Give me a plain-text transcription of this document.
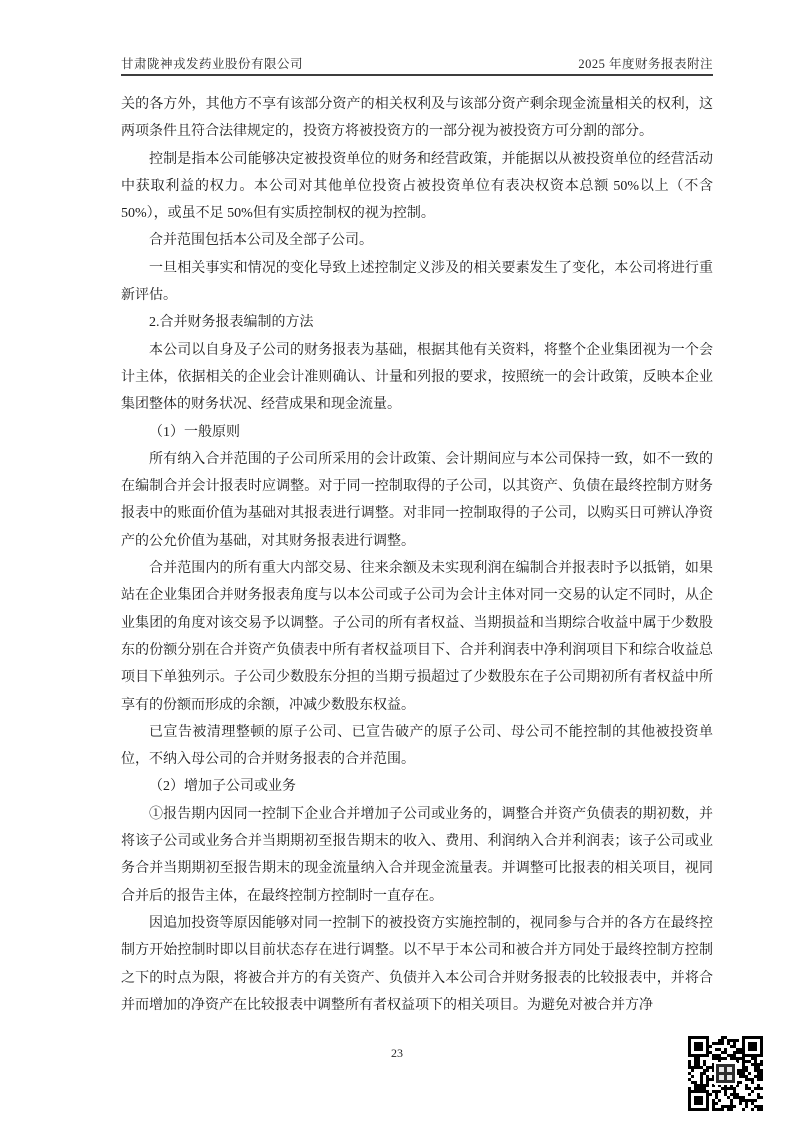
甘肃陇神戎发药业股份有限公司	2025 年度财务报表附注

关的各方外，其他方不享有该部分资产的相关权利及与该部分资产剩余现金流量相关的权利，这两项条件且符合法律规定的，投资方将被投资方的一部分视为被投资方可分割的部分。

控制是指本公司能够决定被投资单位的财务和经营政策，并能据以从被投资单位的经营活动中获取利益的权力。本公司对其他单位投资占被投资单位有表决权资本总额 50%以上（不含 50%），或虽不足 50%但有实质控制权的视为控制。

合并范围包括本公司及全部子公司。

一旦相关事实和情况的变化导致上述控制定义涉及的相关要素发生了变化，本公司将进行重新评估。

2.合并财务报表编制的方法

本公司以自身及子公司的财务报表为基础，根据其他有关资料，将整个企业集团视为一个会计主体，依据相关的企业会计准则确认、计量和列报的要求，按照统一的会计政策，反映本企业集团整体的财务状况、经营成果和现金流量。

（1）一般原则

所有纳入合并范围的子公司所采用的会计政策、会计期间应与本公司保持一致，如不一致的在编制合并会计报表时应调整。对于同一控制取得的子公司，以其资产、负债在最终控制方财务报表中的账面价值为基础对其报表进行调整。对非同一控制取得的子公司，以购买日可辨认净资产的公允价值为基础，对其财务报表进行调整。

合并范围内的所有重大内部交易、往来余额及未实现利润在编制合并报表时予以抵销，如果站在企业集团合并财务报表角度与以本公司或子公司为会计主体对同一交易的认定不同时，从企业集团的角度对该交易予以调整。子公司的所有者权益、当期损益和当期综合收益中属于少数股东的份额分别在合并资产负债表中所有者权益项目下、合并利润表中净利润项目下和综合收益总项目下单独列示。子公司少数股东分担的当期亏损超过了少数股东在子公司期初所有者权益中所享有的份额而形成的余额，冲减少数股东权益。

已宣告被清理整顿的原子公司、已宣告破产的原子公司、母公司不能控制的其他被投资单位，不纳入母公司的合并财务报表的合并范围。

（2）增加子公司或业务

①报告期内因同一控制下企业合并增加子公司或业务的，调整合并资产负债表的期初数，并将该子公司或业务合并当期期初至报告期末的收入、费用、利润纳入合并利润表；该子公司或业务合并当期期初至报告期末的现金流量纳入合并现金流量表。并调整可比报表的相关项目，视同合并后的报告主体，在最终控制方控制时一直存在。

因追加投资等原因能够对同一控制下的被投资方实施控制的，视同参与合并的各方在最终控制方开始控制时即以目前状态存在进行调整。以不早于本公司和被合并方同处于最终控制方控制之下的时点为限，将被合并方的有关资产、负债并入本公司合并财务报表的比较报表中，并将合并而增加的净资产在比较报表中调整所有者权益项下的相关项目。为避免对被合并方净

23
